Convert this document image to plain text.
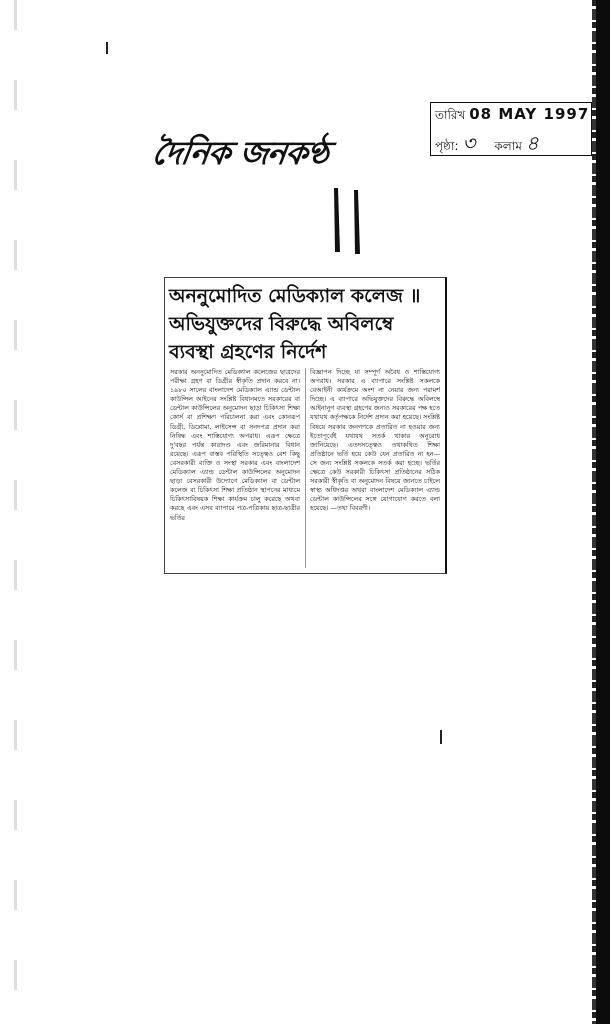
দৈনিক জনকণ্ঠ
তারিখ 08 MAY 1997
পৃষ্ঠা: ৩ কলাম ৪
অননুমোদিত মেডিক্যাল কলেজ ॥ অভিযুক্তদের বিরুদ্ধে অবিলম্বে ব্যবস্থা গ্রহণের নির্দেশ
সরকার অননুমোদিত মেডিক্যাল কলেজের ছাত্রদের পরীক্ষা গ্রহণ বা ডিগ্রীর স্বীকৃতি প্রদান করবে না। ১৯৮০ সালের বাংলাদেশ মেডিক্যাল এ্যান্ড ডেন্টাল কাউন্সিল আইনের সংশ্লিষ্ট বিধানমতে সরকারের বা ডেন্টাল কাউন্সিলের অনুমোদন ছাড়া চিকিৎসা শিক্ষা কোর্স বা প্রশিক্ষণ পরিচালনা করা এবং কোনরূপ ডিগ্রী, ডিপ্লোমা, লাইসেন্স বা সনদপত্র প্রদান করা নিষিদ্ধ এবং শাস্তিযোগ্য অপরাধ। এরূপ ক্ষেত্রে দু'বছর পর্যন্ত কারাদণ্ড এবং জরিমানার বিধান রয়েছে। এরূপ বাস্তব পরিস্থিতি সত্ত্বেও বেশ কিছু বেসরকারী ব্যক্তি ও সংস্থা সরকার এবং বাংলাদেশ মেডিক্যাল এ্যান্ড ডেন্টাল কাউন্সিলের অনুমোদন ছাড়া বেসরকারী উদ্যোগে মেডিক্যাল বা ডেন্টাল কলেজ বা চিকিৎসা শিক্ষা প্রতিষ্ঠান স্থাপনের মাধ্যমে চিকিৎসাবিষয়ক শিক্ষা কার্যক্রম চালু করেছে অথবা করছে এবং এসব ব্যাপারে পত্র-পত্রিকায় ছাত্র-ছাত্রীর ভর্তির
বিজ্ঞাপন দিচ্ছে যা সম্পূর্ণ অবৈধ ও শাস্তিযোগ্য অপরাধ। সরকার এ ব্যাপারে সংশ্লিষ্ট সকলকে বেআইনী কার্যক্রমে অংশ না নেয়ার জন্য পরামর্শ দিচ্ছে। এ ব্যাপারে অভিযুক্তদের বিরুদ্ধে অবিলম্বে আইনানুগ ব্যবস্থা গ্রহণের জন্যও সরকারের পক্ষ হতে যথাযথ কর্তৃপক্ষকে নির্দেশ প্রদান করা হয়েছে। সংশ্লিষ্ট বিষয়ে সরকার জনগণকে প্রতারিত না হওয়ার জন্য ইতোপূর্বেই যথাযথ সতর্ক থাকার অনুরোধ জানিয়েছে। এতদসত্ত্বেও তথাকথিত শিক্ষা প্রতিষ্ঠানে ভর্তি হয়ে কেউ যেন প্রতারিত না হন— সে জন্য সংশ্লিষ্ট সকলকে সতর্ক করা হচ্ছে। ভর্তির ক্ষেত্রে কেউ সরকারী চিকিৎসা প্রতিষ্ঠানের সঠিক সরকারী স্বীকৃতি বা অনুমোদন বিষয়ে জানতে চাইলে স্বাস্থ্য অধিদপ্তর অথবা বাংলাদেশ মেডিক্যাল এ্যান্ড ডেন্টাল কাউন্সিলের সঙ্গে যোগাযোগ করতে বলা হয়েছে। —তথ্য বিবরণী।
